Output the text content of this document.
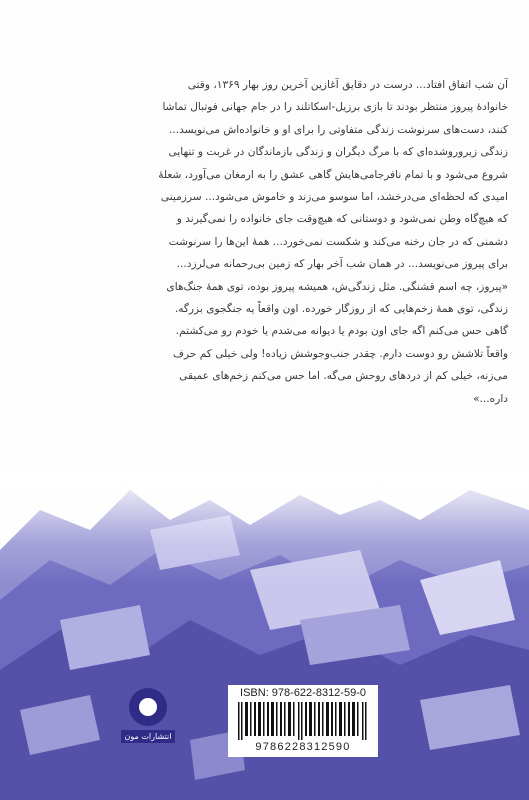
آن شب اتفاق افتاد... درست در دقایق آغازین آخرین روز بهار ۱۳۶۹، وقتی

خانوادهٔ پیروز منتظر بودند تا بازی برزیل-اسکاتلند را در جام جهانی فوتبال تماشا

کنند، دست‌های سرنوشت زندگی متفاوتی را برای او و خانواده‌اش می‌نویسد...

زندگی زیرورو‌شده‌ای که با مرگ دیگران و زندگی بازماندگان در غربت و تنهایی

شروع می‌شود و با تمام نافرجامی‌هایش گاهی عشق را به ارمغان می‌آورد، شعلهٔ

امیدی که لحظه‌ای می‌درخشد، اما سوسو می‌زند و خاموش می‌شود... سرزمینی

که هیچ‌گاه وطن نمی‌شود و دوستانی که هیچ‌وقت جای خانواده را نمی‌گیرند و

دشمنی که در جان رخنه می‌کند و شکست نمی‌خورد... همهٔ این‌ها را سرنوشت

برای پیروز می‌نویسد... در همان شب آخر بهار که زمین بی‌رحمانه می‌لرزد...

«پیروز، چه اسم قشنگی. مثل زندگی‌ش، همیشه پیروز بوده، توی همهٔ جنگ‌های

زندگی، توی همهٔ زخم‌هایی که از روزگار خورده. اون واقعاً یه جنگجوی بزرگه.

گاهی حس می‌کنم اگه جای اون بودم یا دیوانه می‌شدم یا خودم رو می‌کشتم.

واقعاً تلاشش رو دوست دارم. چقدر جنب‌وجوشش زیاده! ولی خیلی کم حرف

می‌زنه، خیلی کم از دردهای روحش می‌گه. اما حس می‌کنم زخم‌های عمیقی

داره...»

انتشارات مون
ISBN: 978-622-8312-59-0
9786228312590
